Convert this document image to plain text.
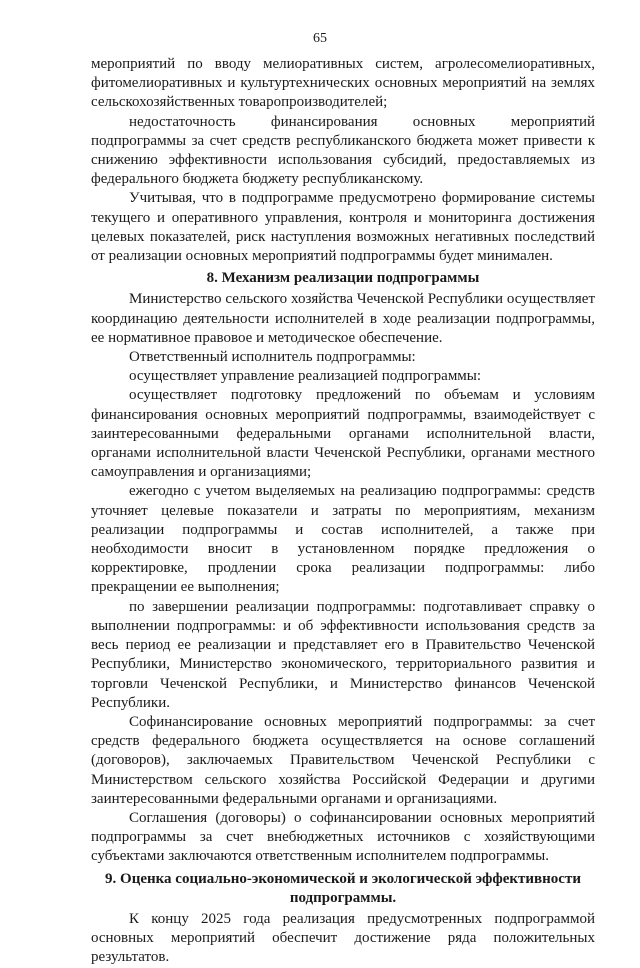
65

мероприятий по вводу мелиоративных систем, агролесомелиоративных, фитомелиоративных и культуртехнических основных мероприятий на землях сельскохозяйственных товаропроизводителей;

недостаточность финансирования основных мероприятий подпрограммы за счет средств республиканского бюджета может привести к снижению эффективности использования субсидий, предоставляемых из федерального бюджета бюджету республиканскому.

Учитывая, что в подпрограмме предусмотрено формирование системы текущего и оперативного управления, контроля и мониторинга достижения целевых показателей, риск наступления возможных негативных последствий от реализации основных мероприятий подпрограммы будет минимален.

8. Механизм реализации подпрограммы

Министерство сельского хозяйства Чеченской Республики осуществляет координацию деятельности исполнителей в ходе реализации подпрограммы, ее нормативное правовое и методическое обеспечение.

Ответственный исполнитель подпрограммы:

осуществляет управление реализацией подпрограммы:

осуществляет подготовку предложений по объемам и условиям финансирования основных мероприятий подпрограммы, взаимодействует с заинтересованными федеральными органами исполнительной власти, органами исполнительной власти Чеченской Республики, органами местного самоуправления и организациями;

ежегодно с учетом выделяемых на реализацию подпрограммы: средств уточняет целевые показатели и затраты по мероприятиям, механизм реализации подпрограммы и состав исполнителей, а также при необходимости вносит в установленном порядке предложения о корректировке, продлении срока реализации подпрограммы: либо прекращении ее выполнения;

по завершении реализации подпрограммы: подготавливает справку о выполнении подпрограммы: и об эффективности использования средств за весь период ее реализации и представляет его в Правительство Чеченской Республики, Министерство экономического, территориального развития и торговли Чеченской Республики, и Министерство финансов Чеченской Республики.

Софинансирование основных мероприятий подпрограммы: за счет средств федерального бюджета осуществляется на основе соглашений (договоров), заключаемых Правительством Чеченской Республики с Министерством сельского хозяйства Российской Федерации и другими заинтересованными федеральными органами и организациями.

Соглашения (договоры) о софинансировании основных мероприятий подпрограммы за счет внебюджетных источников с хозяйствующими субъектами заключаются ответственным исполнителем подпрограммы.

9. Оценка социально-экономической и экологической эффективности
подпрограммы.

К концу 2025 года реализация предусмотренных подпрограммой основных мероприятий обеспечит достижение ряда положительных результатов.
